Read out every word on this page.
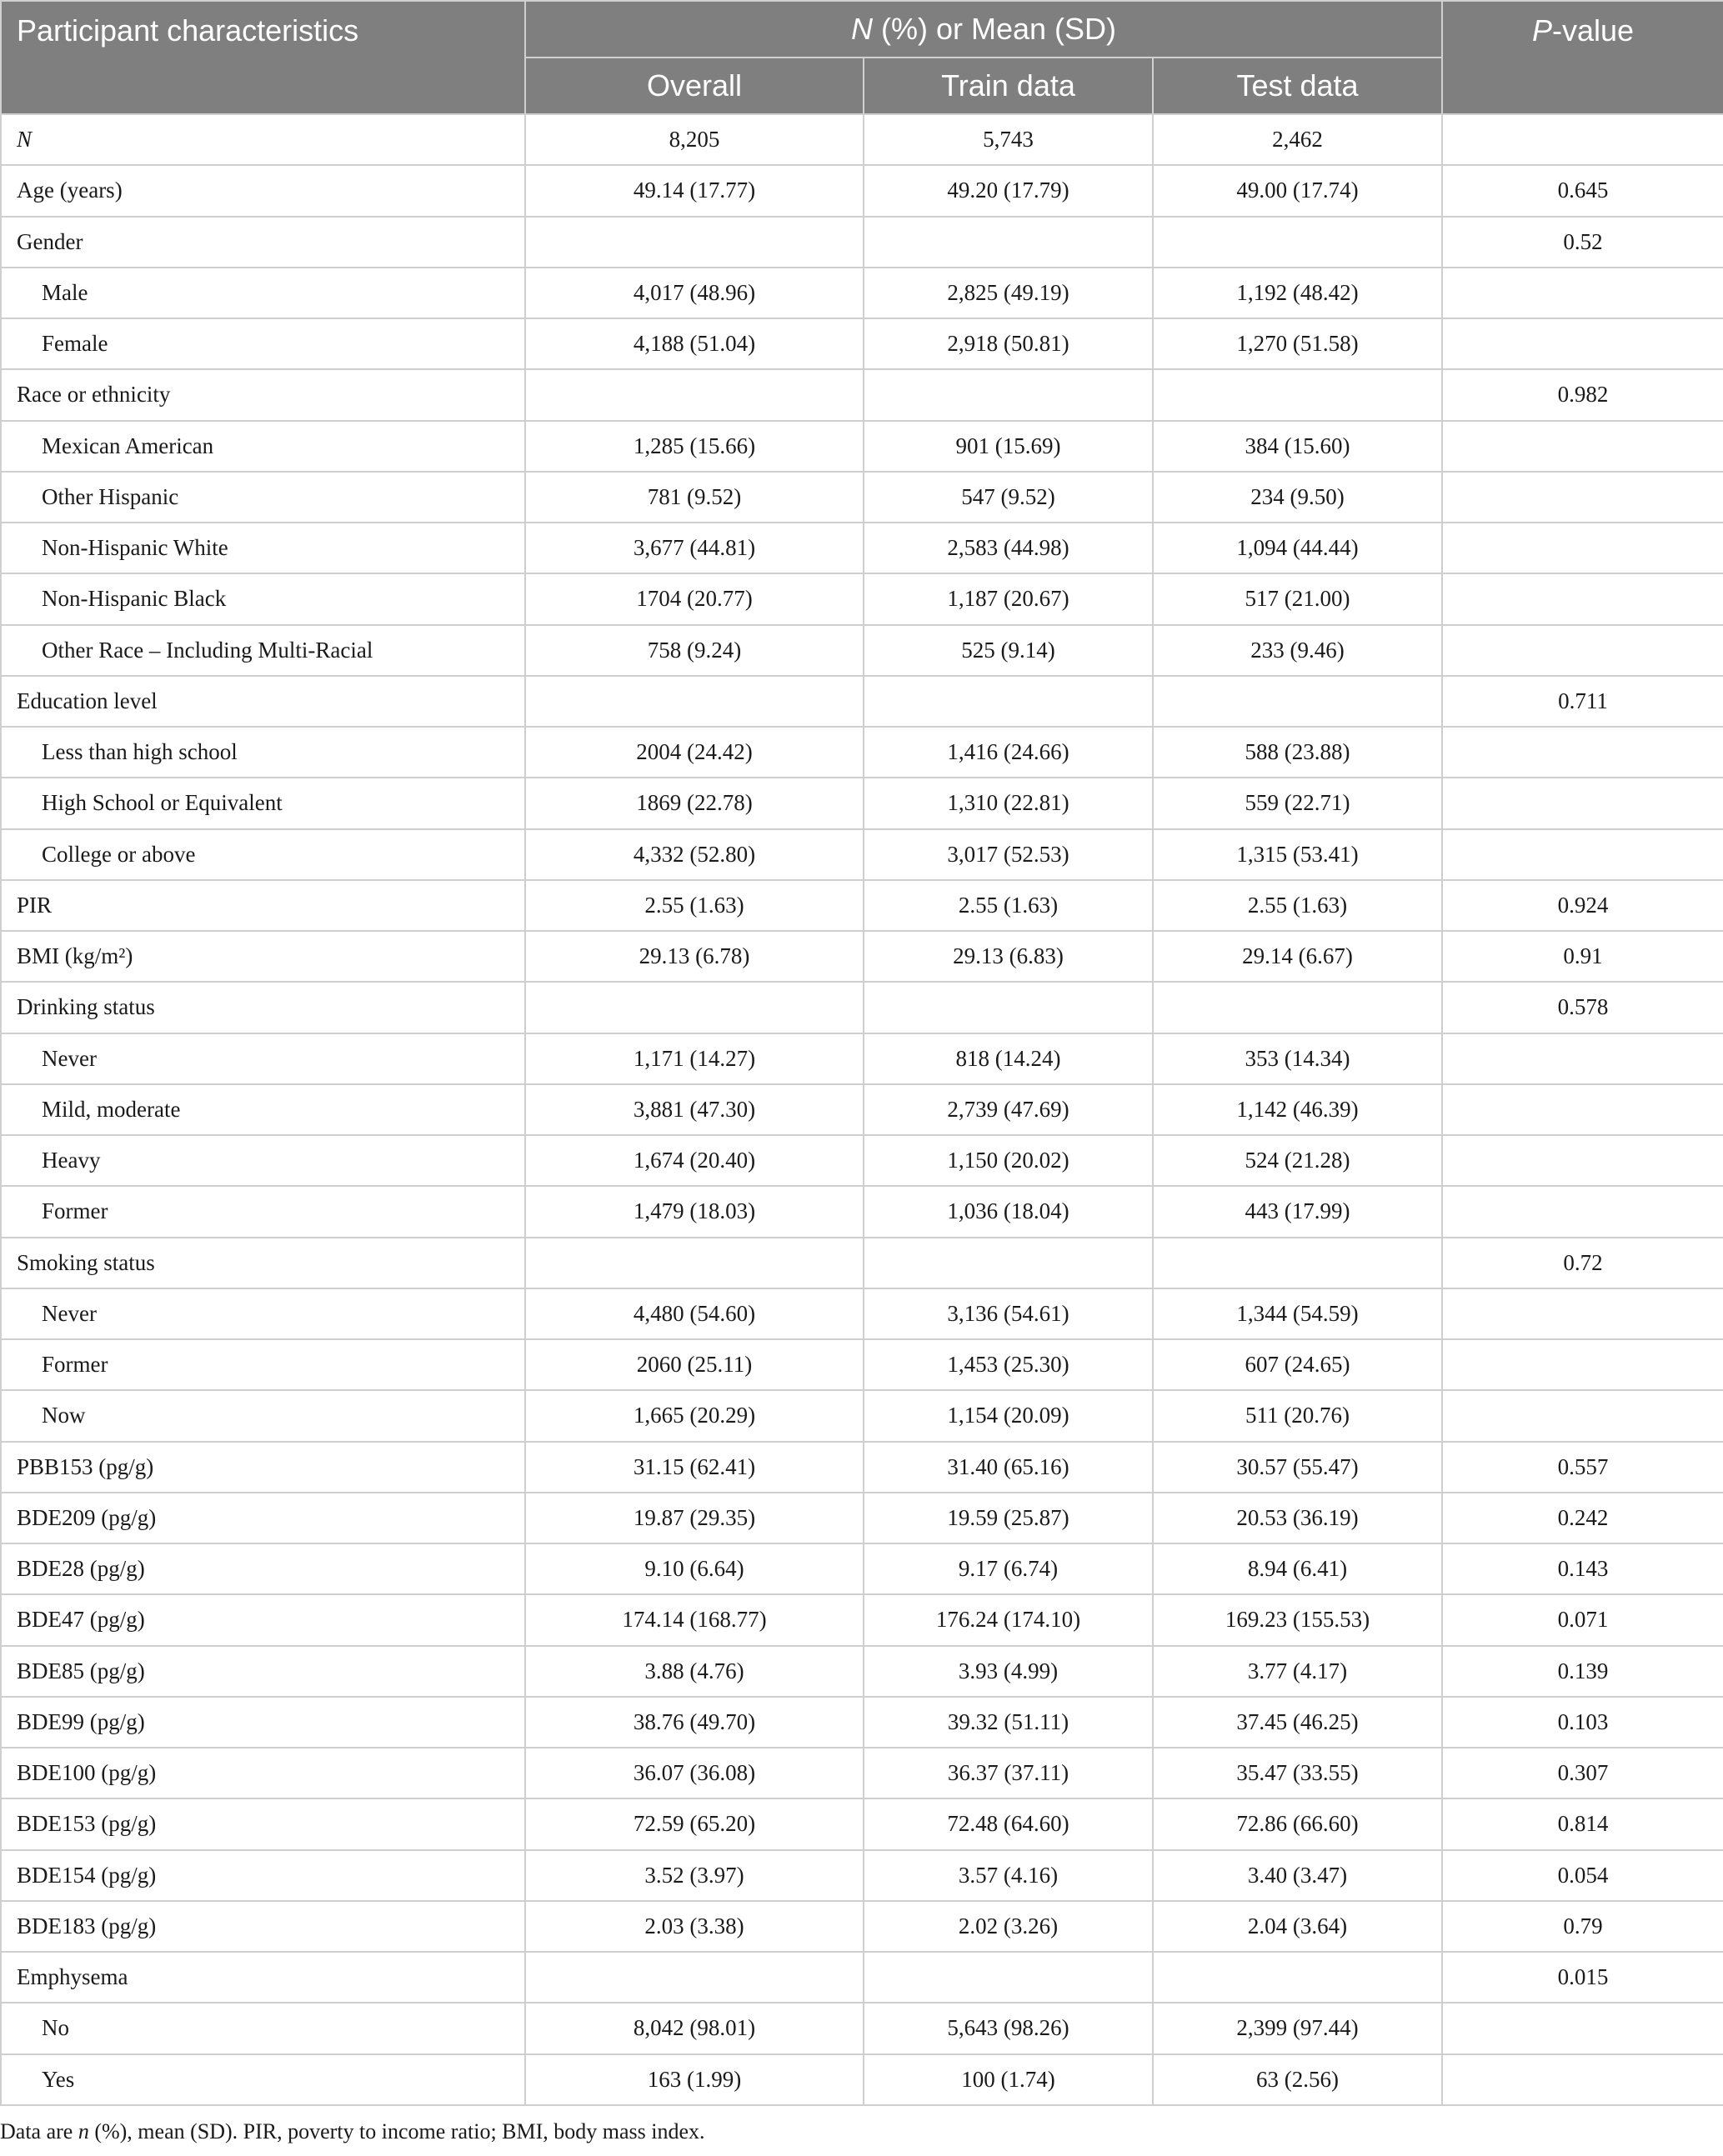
Participant characteristics	N (%) or Mean (SD)			P-value
	Overall	Train data	Test data	
N	8,205	5,743	2,462	
Age (years)	49.14 (17.77)	49.20 (17.79)	49.00 (17.74)	0.645
Gender				0.52
Male	4,017 (48.96)	2,825 (49.19)	1,192 (48.42)	
Female	4,188 (51.04)	2,918 (50.81)	1,270 (51.58)	
Race or ethnicity				0.982
Mexican American	1,285 (15.66)	901 (15.69)	384 (15.60)	
Other Hispanic	781 (9.52)	547 (9.52)	234 (9.50)	
Non-Hispanic White	3,677 (44.81)	2,583 (44.98)	1,094 (44.44)	
Non-Hispanic Black	1704 (20.77)	1,187 (20.67)	517 (21.00)	
Other Race – Including Multi-Racial	758 (9.24)	525 (9.14)	233 (9.46)	
Education level				0.711
Less than high school	2004 (24.42)	1,416 (24.66)	588 (23.88)	
High School or Equivalent	1869 (22.78)	1,310 (22.81)	559 (22.71)	
College or above	4,332 (52.80)	3,017 (52.53)	1,315 (53.41)	
PIR	2.55 (1.63)	2.55 (1.63)	2.55 (1.63)	0.924
BMI (kg/m²)	29.13 (6.78)	29.13 (6.83)	29.14 (6.67)	0.91
Drinking status				0.578
Never	1,171 (14.27)	818 (14.24)	353 (14.34)	
Mild, moderate	3,881 (47.30)	2,739 (47.69)	1,142 (46.39)	
Heavy	1,674 (20.40)	1,150 (20.02)	524 (21.28)	
Former	1,479 (18.03)	1,036 (18.04)	443 (17.99)	
Smoking status				0.72
Never	4,480 (54.60)	3,136 (54.61)	1,344 (54.59)	
Former	2060 (25.11)	1,453 (25.30)	607 (24.65)	
Now	1,665 (20.29)	1,154 (20.09)	511 (20.76)	
PBB153 (pg/g)	31.15 (62.41)	31.40 (65.16)	30.57 (55.47)	0.557
BDE209 (pg/g)	19.87 (29.35)	19.59 (25.87)	20.53 (36.19)	0.242
BDE28 (pg/g)	9.10 (6.64)	9.17 (6.74)	8.94 (6.41)	0.143
BDE47 (pg/g)	174.14 (168.77)	176.24 (174.10)	169.23 (155.53)	0.071
BDE85 (pg/g)	3.88 (4.76)	3.93 (4.99)	3.77 (4.17)	0.139
BDE99 (pg/g)	38.76 (49.70)	39.32 (51.11)	37.45 (46.25)	0.103
BDE100 (pg/g)	36.07 (36.08)	36.37 (37.11)	35.47 (33.55)	0.307
BDE153 (pg/g)	72.59 (65.20)	72.48 (64.60)	72.86 (66.60)	0.814
BDE154 (pg/g)	3.52 (3.97)	3.57 (4.16)	3.40 (3.47)	0.054
BDE183 (pg/g)	2.03 (3.38)	2.02 (3.26)	2.04 (3.64)	0.79
Emphysema				0.015
No	8,042 (98.01)	5,643 (98.26)	2,399 (97.44)	
Yes	163 (1.99)	100 (1.74)	63 (2.56)	
Data are n (%), mean (SD). PIR, poverty to income ratio; BMI, body mass index.
